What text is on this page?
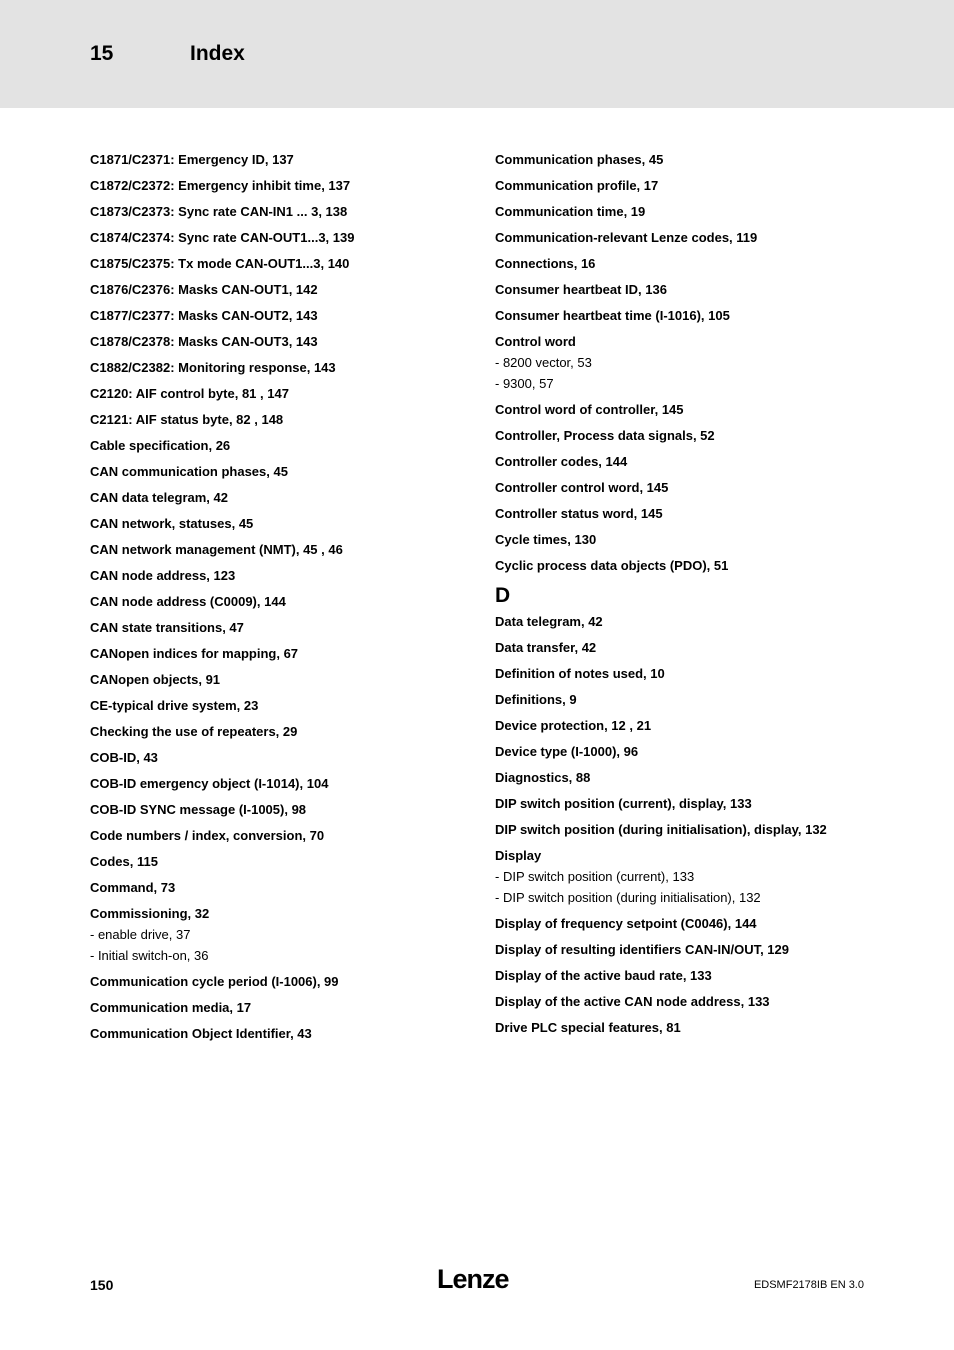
15	Index
C1871/C2371: Emergency ID, 137
C1872/C2372: Emergency inhibit time, 137
C1873/C2373: Sync rate CAN-IN1 ... 3, 138
C1874/C2374: Sync rate CAN-OUT1...3, 139
C1875/C2375: Tx mode CAN-OUT1...3, 140
C1876/C2376: Masks CAN-OUT1, 142
C1877/C2377: Masks CAN-OUT2, 143
C1878/C2378: Masks CAN-OUT3, 143
C1882/C2382: Monitoring response, 143
C2120: AIF control byte, 81 , 147
C2121: AIF status byte, 82 , 148
Cable specification, 26
CAN communication phases, 45
CAN data telegram, 42
CAN network, statuses, 45
CAN network management (NMT), 45 , 46
CAN node address, 123
CAN node address (C0009), 144
CAN state transitions, 47
CANopen indices for mapping, 67
CANopen objects, 91
CE-typical drive system, 23
Checking the use of repeaters, 29
COB-ID, 43
COB-ID emergency object (I-1014), 104
COB-ID SYNC message (I-1005), 98
Code numbers / index, conversion, 70
Codes, 115
Command, 73
Commissioning, 32
- enable drive, 37
- Initial switch-on, 36
Communication cycle period (I-1006), 99
Communication media, 17
Communication Object Identifier, 43
Communication phases, 45
Communication profile, 17
Communication time, 19
Communication-relevant Lenze codes, 119
Connections, 16
Consumer heartbeat ID, 136
Consumer heartbeat time (I-1016), 105
Control word
- 8200 vector, 53
- 9300, 57
Control word of controller, 145
Controller, Process data signals, 52
Controller codes, 144
Controller control word, 145
Controller status word, 145
Cycle times, 130
Cyclic process data objects (PDO), 51
D
Data telegram, 42
Data transfer, 42
Definition of notes used, 10
Definitions, 9
Device protection, 12 , 21
Device type (I-1000), 96
Diagnostics, 88
DIP switch position (current), display, 133
DIP switch position (during initialisation), display, 132
Display
- DIP switch position (current), 133
- DIP switch position (during initialisation), 132
Display of frequency setpoint (C0046), 144
Display of resulting identifiers CAN-IN/OUT, 129
Display of the active baud rate, 133
Display of the active CAN node address, 133
Drive PLC special features, 81
150	Lenze	EDSMF2178IB EN 3.0
